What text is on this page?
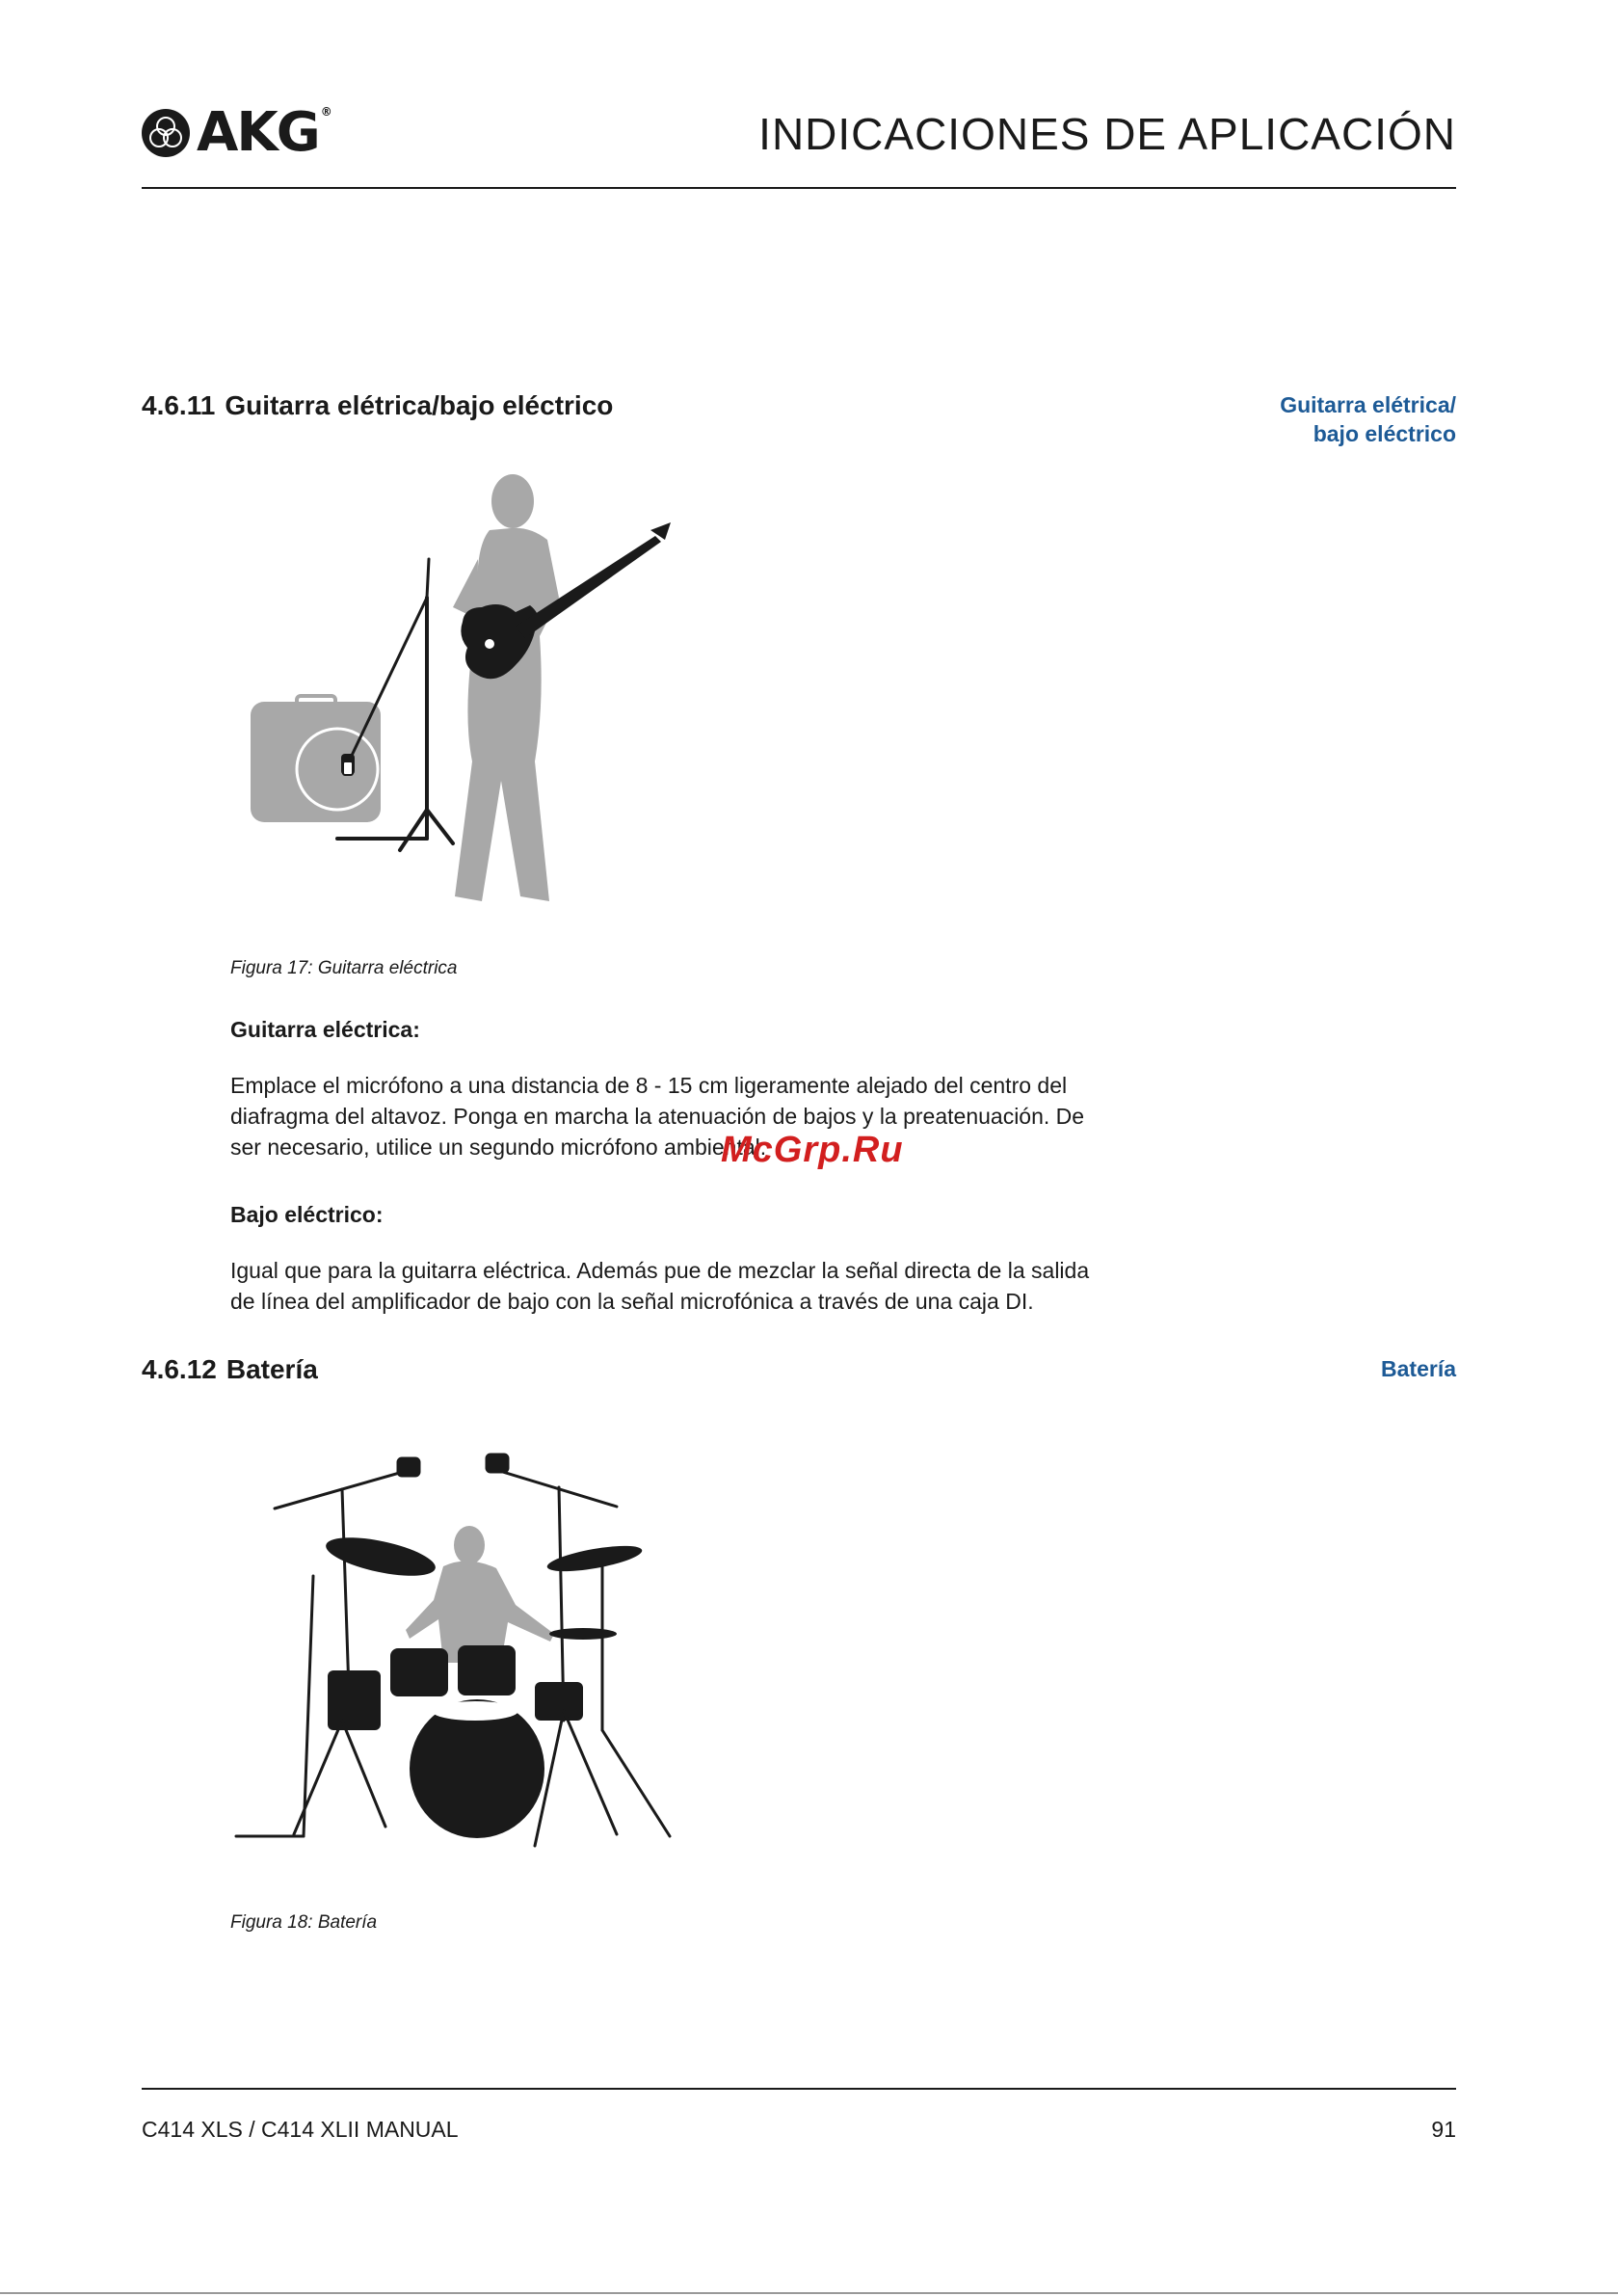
AKG ®	INDICACIONES DE APLICACIÓN
4.6.11 Guitarra elétrica/bajo eléctrico	Guitarra elétrica/
bajo eléctrico
Figura 17: Guitarra eléctrica
Guitarra eléctrica:

Emplace el micrófono a una distancia de 8 - 15 cm ligeramente alejado del centro del
diafragma del altavoz. Ponga en marcha la atenuación de bajos y la preatenuación. De
ser necesario, utilice un segundo micrófono ambiental.

Bajo eléctrico:

Igual que para la guitarra eléctrica. Además pue de mezclar la señal directa de la salida
de línea del amplificador de bajo con la señal microfónica a través de una caja DI.

4.6.12 Batería	Batería
Figura 18: Batería
McGrp.Ru
C414 XLS / C414 XLII MANUAL	91
